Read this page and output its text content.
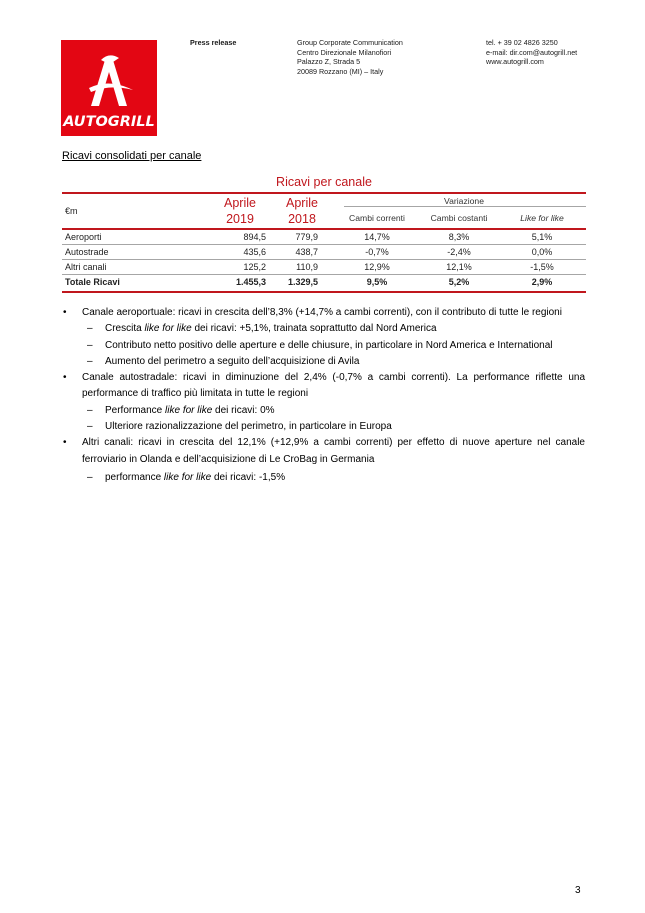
AUTOGRILL
Press release	Group Corporate Communication
Centro Direzionale Milanofiori
Palazzo Z, Strada 5
20089 Rozzano (MI) – Italy
tel. + 39 02 4826 3250
e-mail: dir.com@autogrill.net
www.autogrill.com
Ricavi consolidati per canale
Ricavi per canale
€m
Aprile
2019
Aprile
2018
Variazione
Cambi correnti	Cambi costanti	Like for like
Aeroporti	894,5	779,9	14,7%	8,3%	5,1%
Autostrade	435,6	438,7	-0,7%	-2,4%	0,0%
Altri canali	125,2	110,9	12,9%	12,1%	-1,5%
Totale Ricavi	1.455,3	1.329,5	9,5%	5,2%	2,9%
• Canale aeroportuale: ricavi in crescita dell’8,3% (+14,7% a cambi correnti), con il contributo di tutte le regioni
– Crescita like for like dei ricavi: +5,1%, trainata soprattutto dal Nord America
– Contributo netto positivo delle aperture e delle chiusure, in particolare in Nord America e International
– Aumento del perimetro a seguito dell’acquisizione di Avila
• Canale autostradale: ricavi in diminuzione del 2,4% (-0,7% a cambi correnti). La performance riflette una performance di traffico più limitata in tutte le regioni
– Performance like for like dei ricavi: 0%
– Ulteriore razionalizzazione del perimetro, in particolare in Europa
• Altri canali: ricavi in crescita del 12,1% (+12,9% a cambi correnti) per effetto di nuove aperture nel canale ferroviario in Olanda e dell’acquisizione di Le CroBag in Germania
– performance like for like dei ricavi: -1,5%
3
